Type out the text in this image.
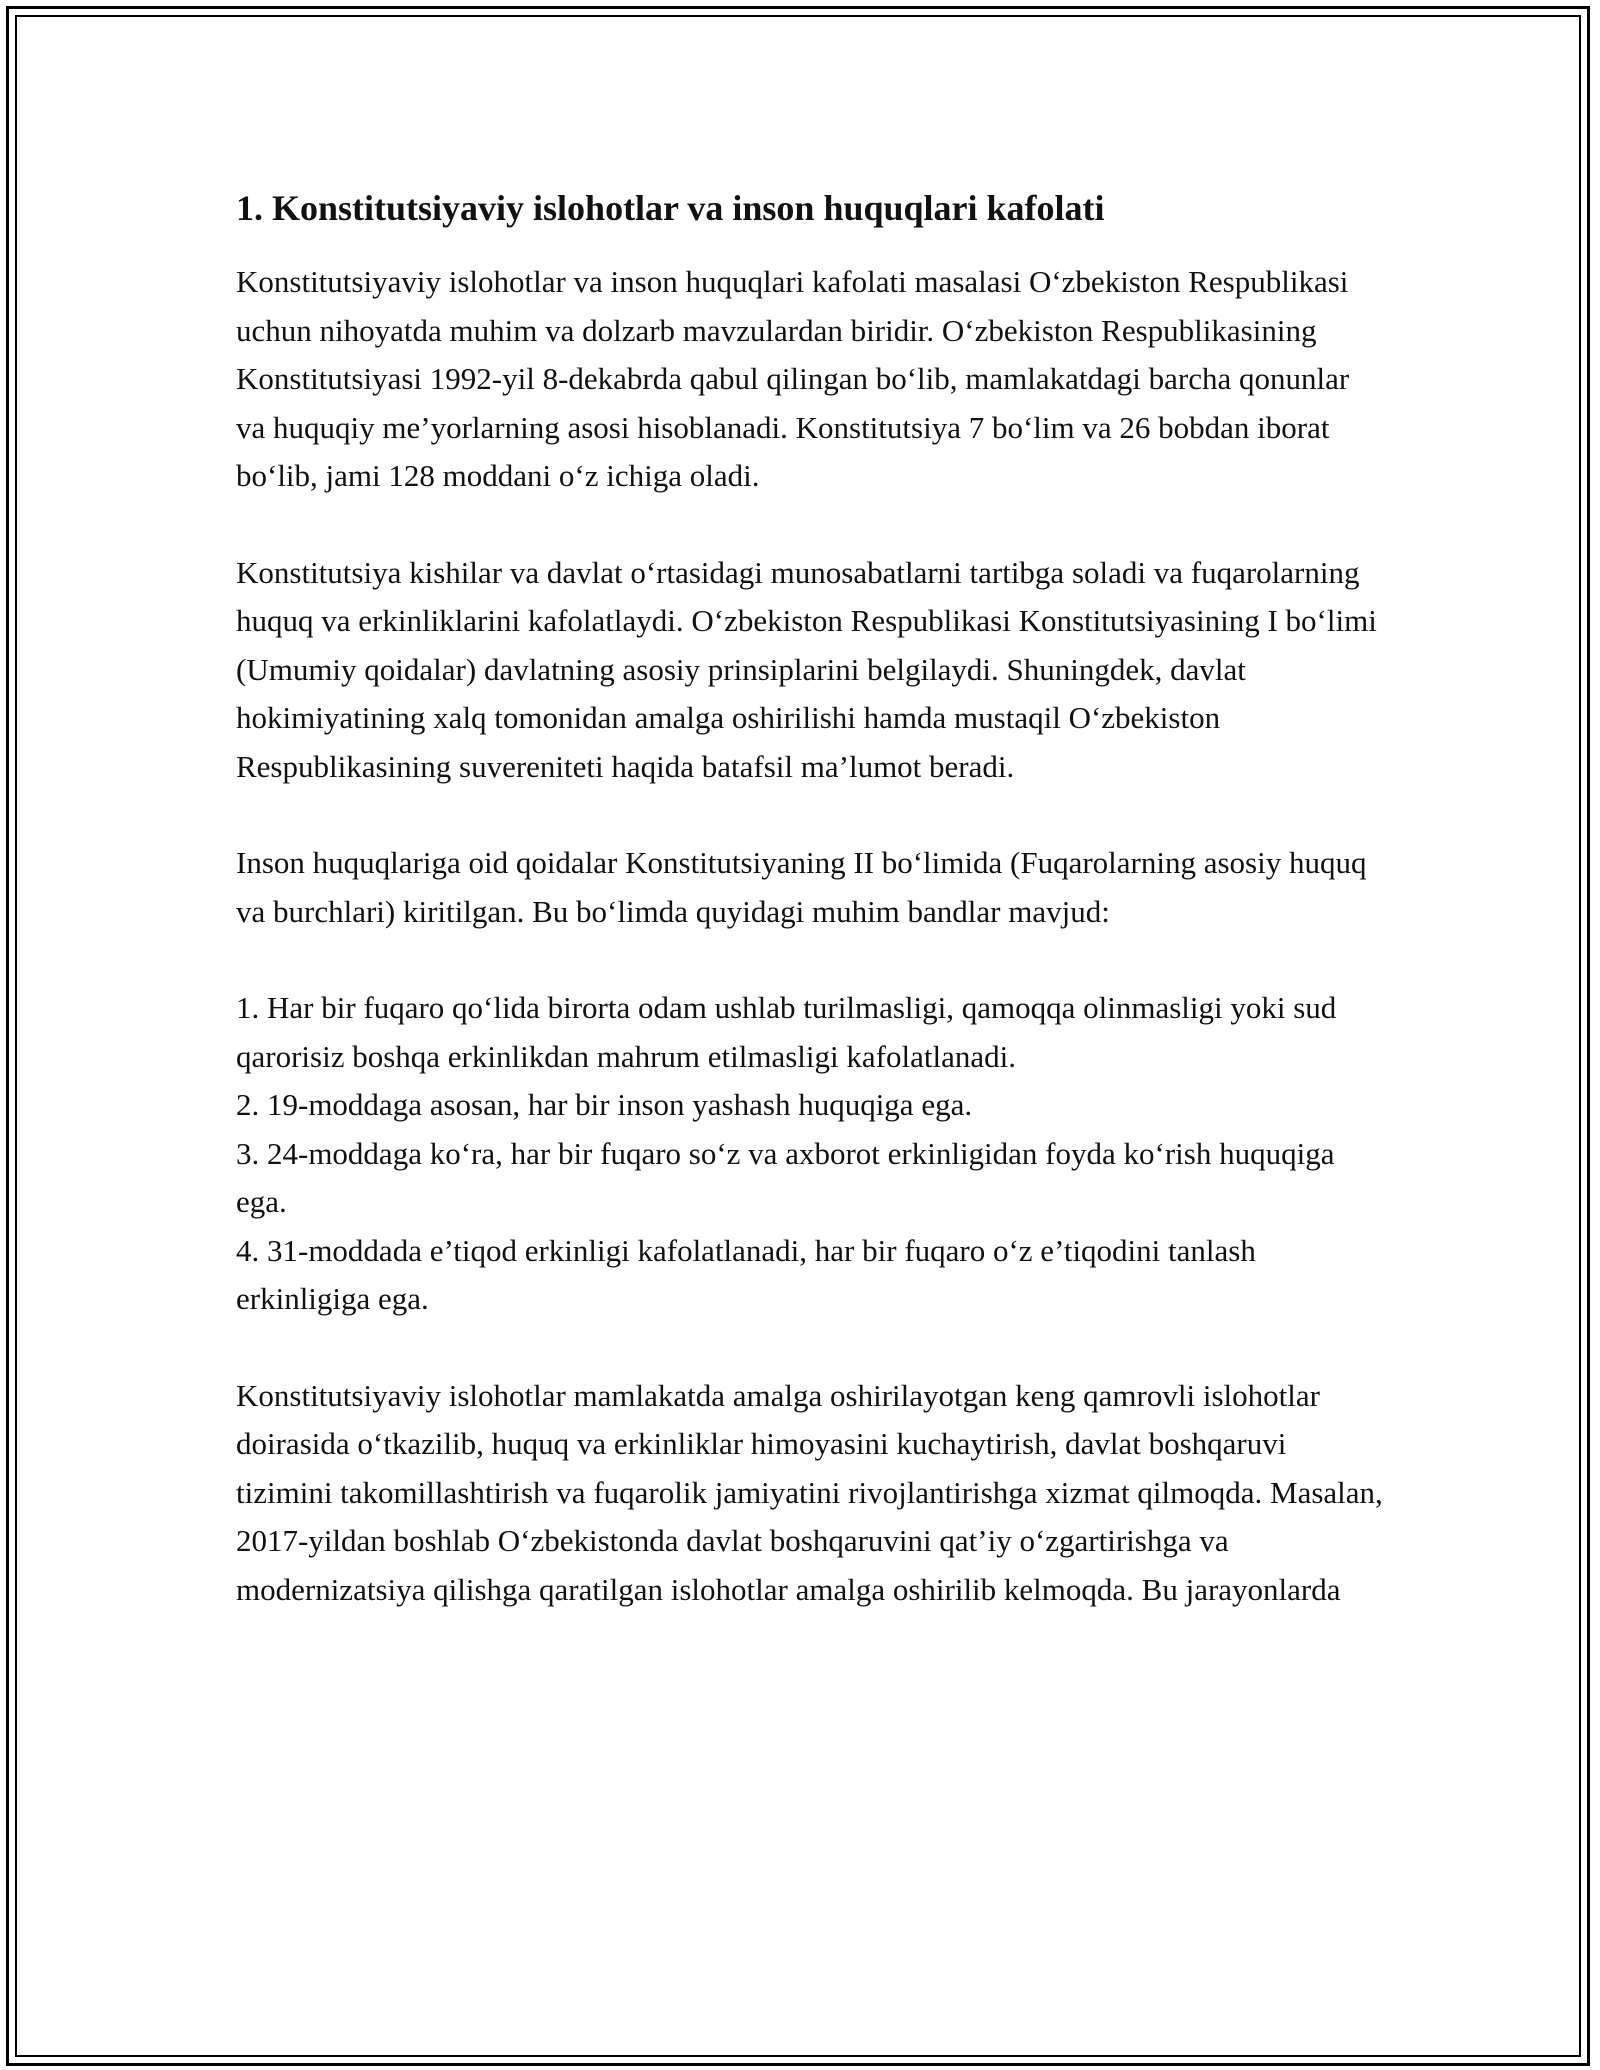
1. Konstitutsiyaviy islohotlar va inson huquqlari kafolati

Konstitutsiyaviy islohotlar va inson huquqlari kafolati masalasi O‘zbekiston Respublikasi uchun nihoyatda muhim va dolzarb mavzulardan biridir. O‘zbekiston Respublikasining Konstitutsiyasi 1992-yil 8-dekabrda qabul qilingan bo‘lib, mamlakatdagi barcha qonunlar va huquqiy me’yorlarning asosi hisoblanadi. Konstitutsiya 7 bo‘lim va 26 bobdan iborat bo‘lib, jami 128 moddani o‘z ichiga oladi.

Konstitutsiya kishilar va davlat o‘rtasidagi munosabatlarni tartibga soladi va fuqarolarning huquq va erkinliklarini kafolatlaydi. O‘zbekiston Respublikasi Konstitutsiyasining I bo‘limi (Umumiy qoidalar) davlatning asosiy prinsiplarini belgilaydi. Shuningdek, davlat hokimiyatining xalq tomonidan amalga oshirilishi hamda mustaqil O‘zbekiston Respublikasining suvereniteti haqida batafsil ma’lumot beradi.

Inson huquqlariga oid qoidalar Konstitutsiyaning II bo‘limida (Fuqarolarning asosiy huquq va burchlari) kiritilgan. Bu bo‘limda quyidagi muhim bandlar mavjud:

1. Har bir fuqaro qo‘lida birorta odam ushlab turilmasligi, qamoqqa olinmasligi yoki sud qarorisiz boshqa erkinlikdan mahrum etilmasligi kafolatlanadi.
2. 19-moddaga asosan, har bir inson yashash huquqiga ega.
3. 24-moddaga ko‘ra, har bir fuqaro so‘z va axborot erkinligidan foyda ko‘rish huquqiga ega.
4. 31-moddada e’tiqod erkinligi kafolatlanadi, har bir fuqaro o‘z e’tiqodini tanlash erkinligiga ega.

Konstitutsiyaviy islohotlar mamlakatda amalga oshirilayotgan keng qamrovli islohotlar doirasida o‘tkazilib, huquq va erkinliklar himoyasini kuchaytirish, davlat boshqaruvi tizimini takomillashtirish va fuqarolik jamiyatini rivojlantirishga xizmat qilmoqda. Masalan, 2017-yildan boshlab O‘zbekistonda davlat boshqaruvini qat’iy o‘zgartirishga va modernizatsiya qilishga qaratilgan islohotlar amalga oshirilib kelmoqda. Bu jarayonlarda
